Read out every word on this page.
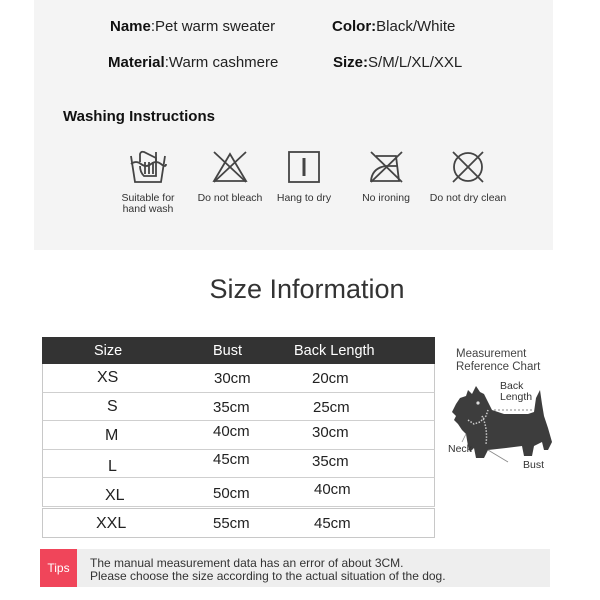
Name:Pet warm sweater	Color:Black/White
Material:Warm cashmere	Size:S/M/L/XL/XXL
Washing Instructions
Suitable for
hand wash
Do not bleach	Hang to dry	No ironing	Do not dry clean
Size Information
Size	Bust	Back Length
XS	30cm	20cm
S	35cm	25cm
M	40cm	30cm
L	45cm	35cm
XL	50cm	40cm
XXL	55cm	45cm
Measurement
Reference Chart
Back
Length
Neck
Bust
Tips	The manual measurement data has an error of about 3CM.
Please choose the size according to the actual situation of the dog.
